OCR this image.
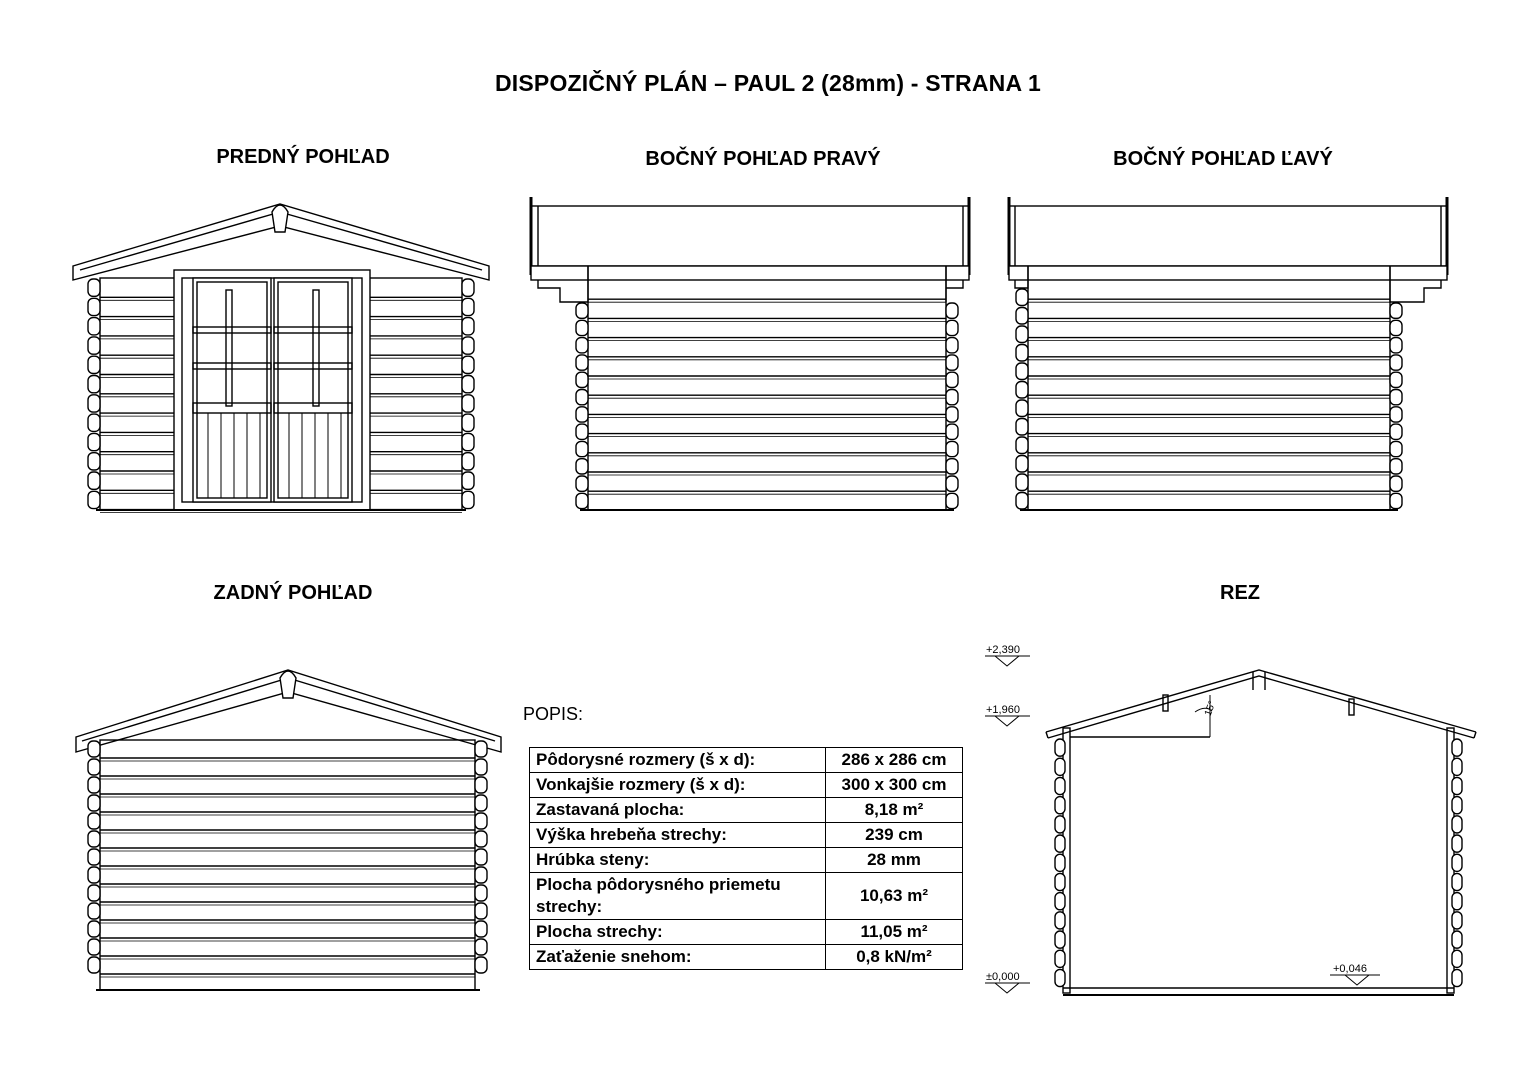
DISPOZIČNÝ PLÁN – PAUL 2 (28mm) - STRANA 1
PREDNÝ POHĽAD	BOČNÝ POHĽAD PRAVÝ	BOČNÝ POHĽAD ĽAVÝ
ZADNÝ POHĽAD	REZ
+2,390
+1,960
±0,000
+0,046
15°
POPIS:
Pôdorysné rozmery (š x d):	286 x 286 cm
Vonkajšie rozmery (š x d):	300 x 300 cm
Zastavaná plocha:	8,18 m²
Výška hrebeňa strechy:	239 cm
Hrúbka steny:	28 mm
Plocha pôdorysného priemetu strechy:	10,63 m²
Plocha strechy:	11,05 m²
Zaťaženie snehom:	0,8 kN/m²
